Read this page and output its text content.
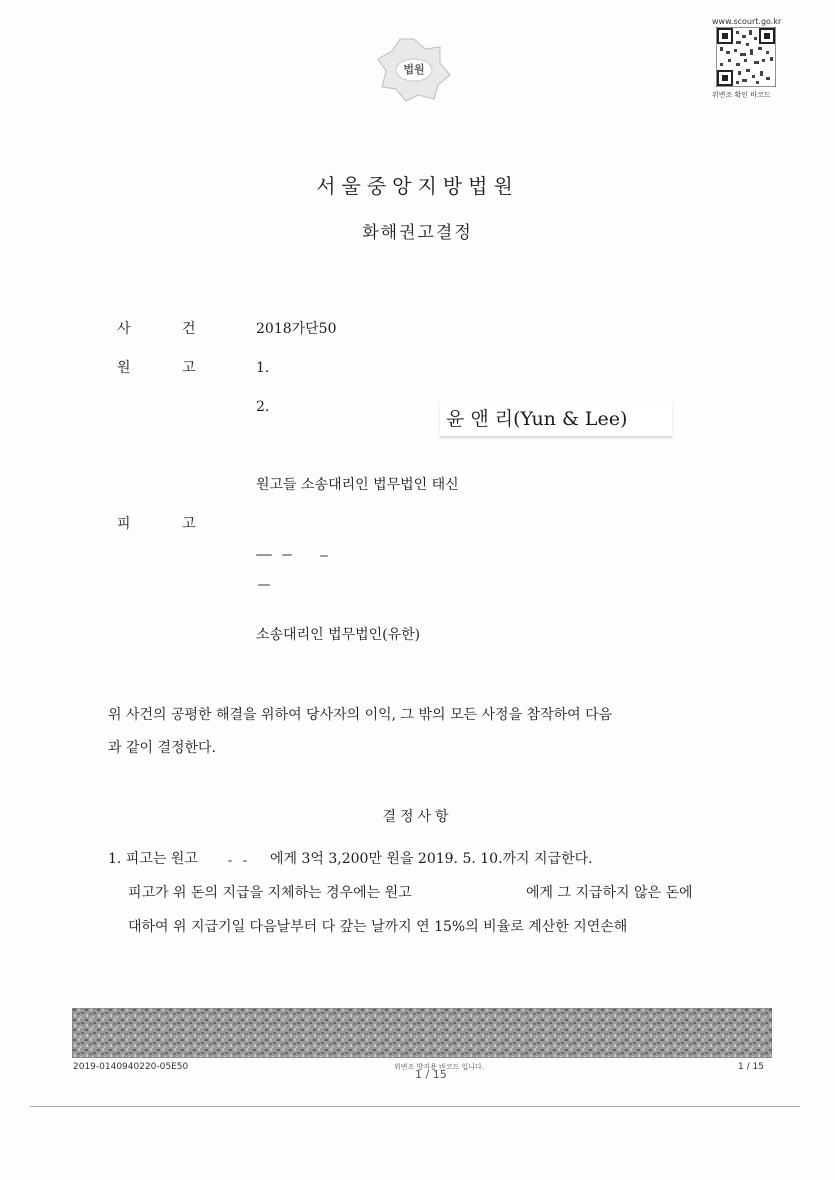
법원
www.scourt.go.kr
위변조 확인 바코드
서울중앙지방법원
화해권고결정
사	건	2018가단50
원	고	1.
2.
윤 앤 리(Yun & Lee)
원고들 소송대리인 법무법인 태신
피	고
소송대리인 법무법인(유한)
위 사건의 공평한 해결을 위하여 당사자의 이익, 그 밖의 모든 사정을 참작하여 다음
과 같이 결정한다.
결정사항
1. 피고는 원고	에게 3억 3,200만 원을 2019. 5. 10.까지 지급한다.
피고가 위 돈의 지급을 지체하는 경우에는 원고	에게 그 지급하지 않은 돈에
대하여 위 지급기일 다음날부터 다 갚는 날까지 연 15%의 비율로 계산한 지연손해
2019-0140940220-05E50	위변조 방지용 바코드 입니다.
1 / 15
1 / 15
